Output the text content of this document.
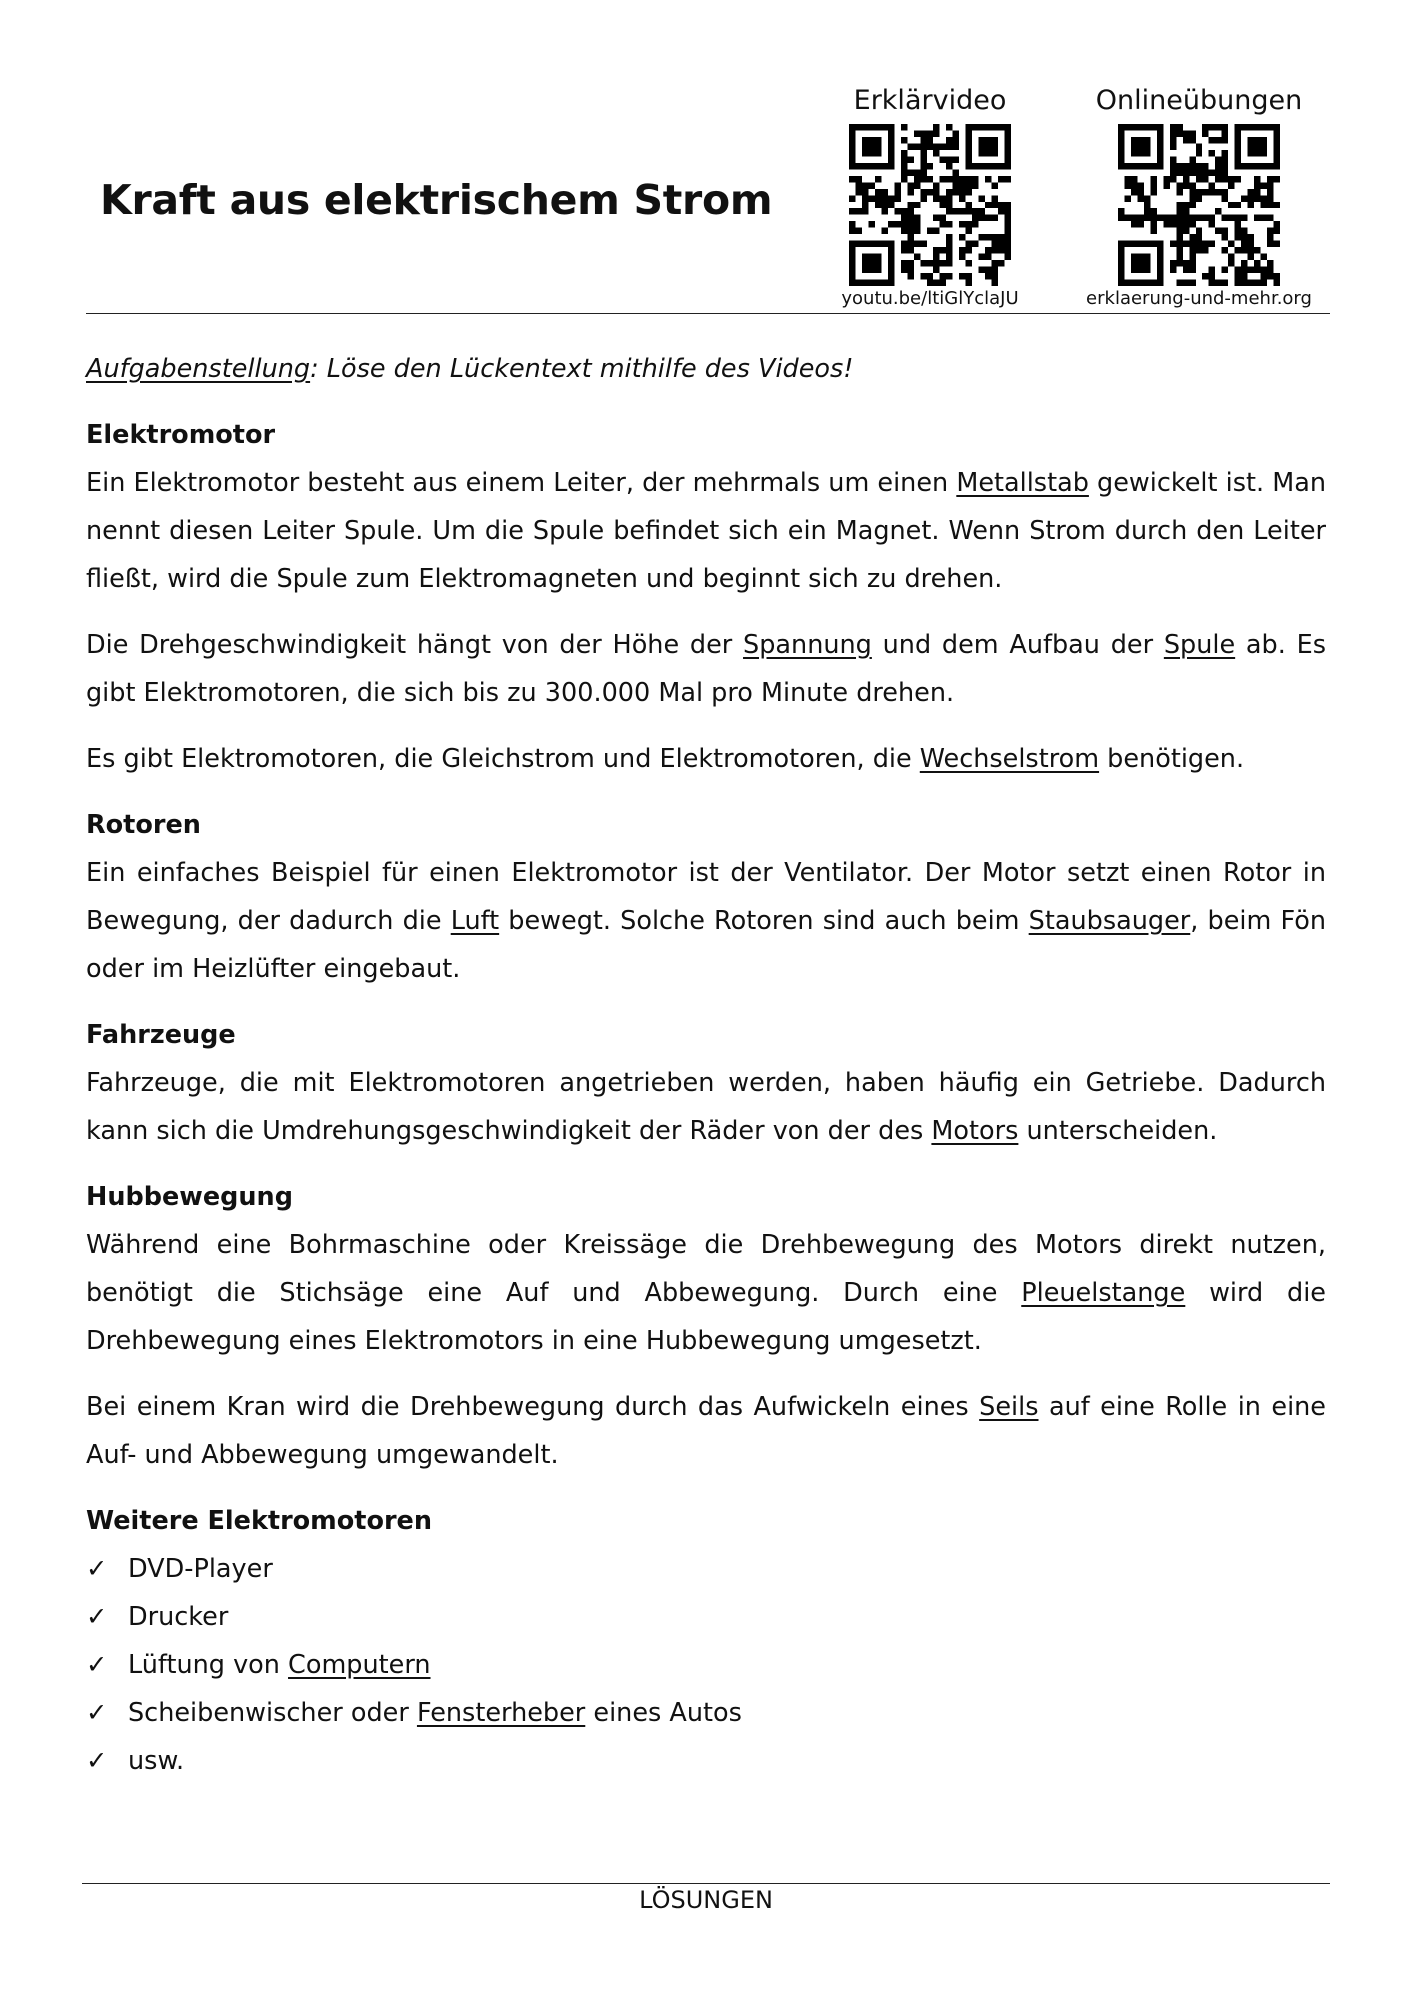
Kraft aus elektrischem Strom
Erklärvideo
youtu.be/ltiGlYclaJU
Onlineübungen
erklaerung-und-mehr.org

Aufgabenstellung: Löse den Lückentext mithilfe des Videos!

Elektromotor

Ein Elektromotor besteht aus einem Leiter, der mehrmals um einen Metallstab gewickelt ist. Man nennt diesen Leiter Spule. Um die Spule befindet sich ein Magnet. Wenn Strom durch den Leiter fließt, wird die Spule zum Elektromagneten und beginnt sich zu drehen.

Die Drehgeschwindigkeit hängt von der Höhe der Spannung und dem Aufbau der Spule ab. Es gibt Elektromotoren, die sich bis zu 300.000 Mal pro Minute drehen.

Es gibt Elektromotoren, die Gleichstrom und Elektromotoren, die Wechselstrom benötigen.

Rotoren

Ein einfaches Beispiel für einen Elektromotor ist der Ventilator. Der Motor setzt einen Rotor in Bewegung, der dadurch die Luft bewegt. Solche Rotoren sind auch beim Staubsauger, beim Fön oder im Heizlüfter eingebaut.

Fahrzeuge

Fahrzeuge, die mit Elektromotoren angetrieben werden, haben häufig ein Getriebe. Dadurch kann sich die Umdrehungsgeschwindigkeit der Räder von der des Motors unterscheiden.

Hubbewegung

Während eine Bohrmaschine oder Kreissäge die Drehbewegung des Motors direkt nutzen, benötigt die Stichsäge eine Auf und Abbewegung. Durch eine Pleuelstange wird die Drehbewegung eines Elektromotors in eine Hubbewegung umgesetzt.

Bei einem Kran wird die Drehbewegung durch das Aufwickeln eines Seils auf eine Rolle in eine Auf- und Abbewegung umgewandelt.

Weitere Elektromotoren

✓ DVD-Player
✓ Drucker
✓ Lüftung von Computern
✓ Scheibenwischer oder Fensterheber eines Autos
✓ usw.
LÖSUNGEN
